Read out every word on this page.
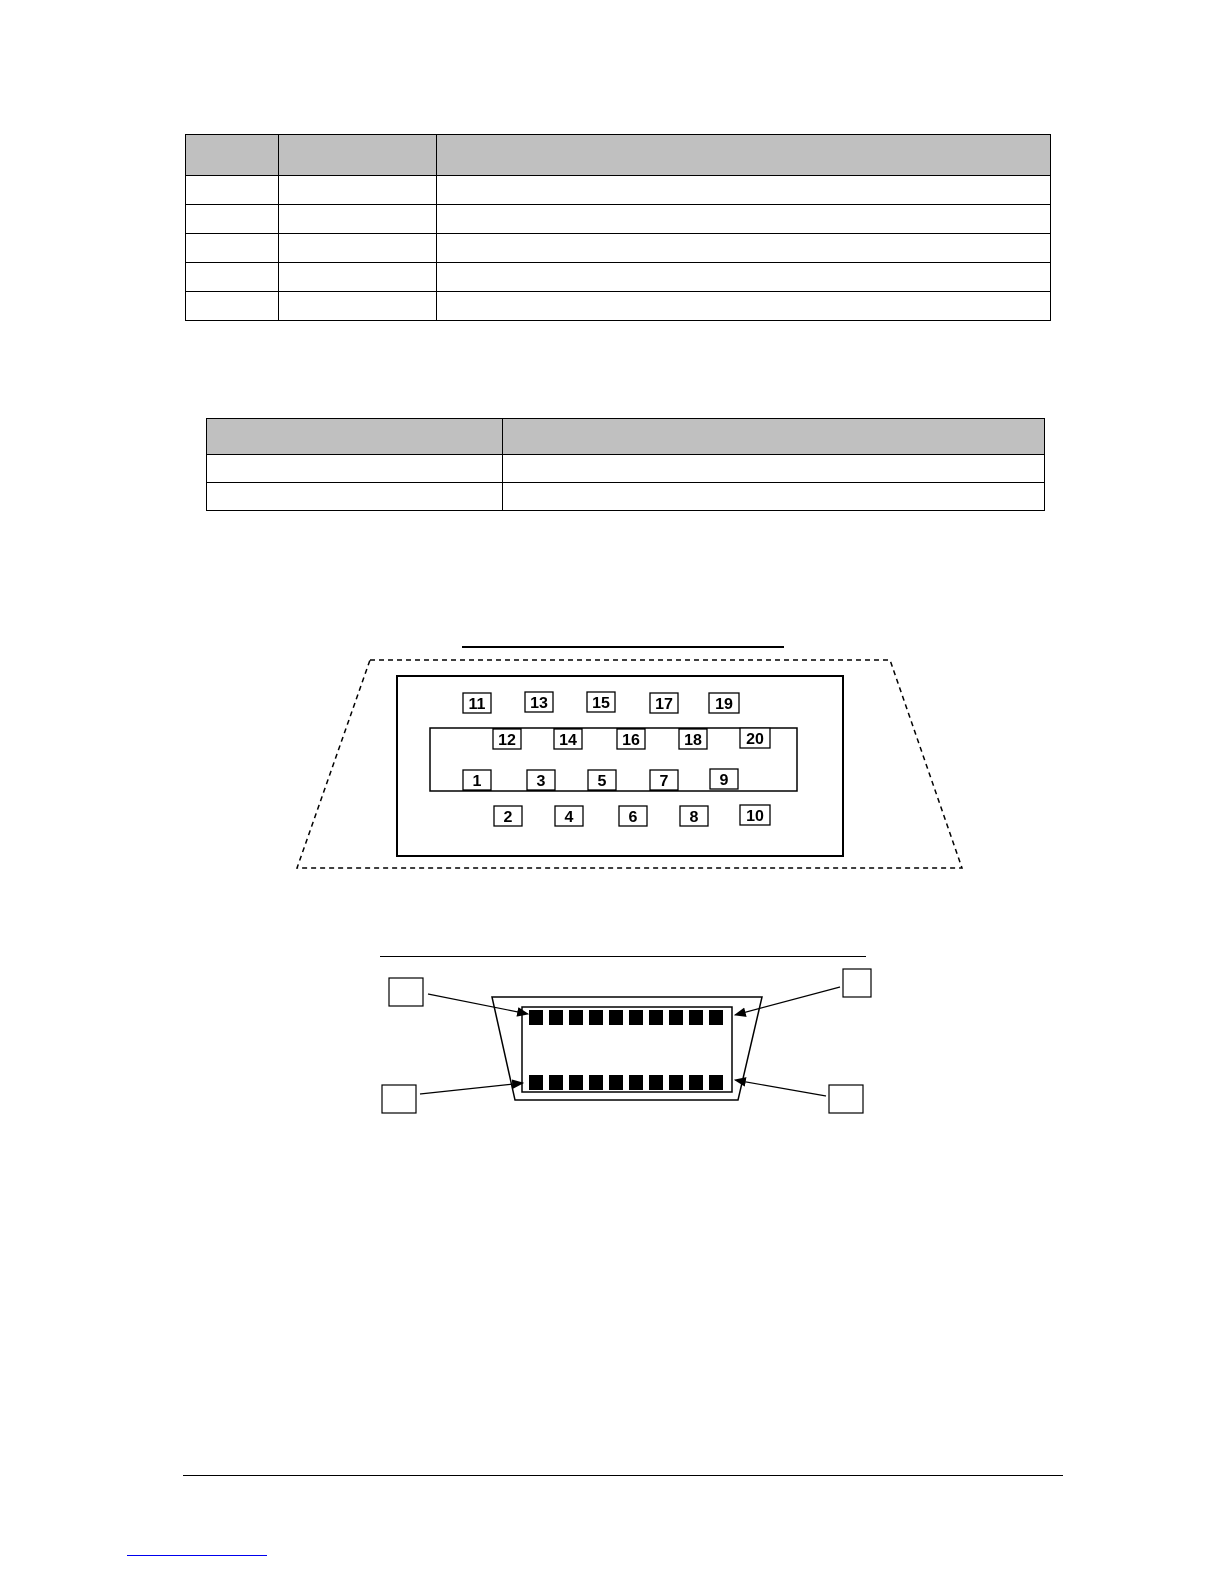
1
2
3
4
5
6
7
8
9
10
11
12
13
14
15
16
17
18
19
20
